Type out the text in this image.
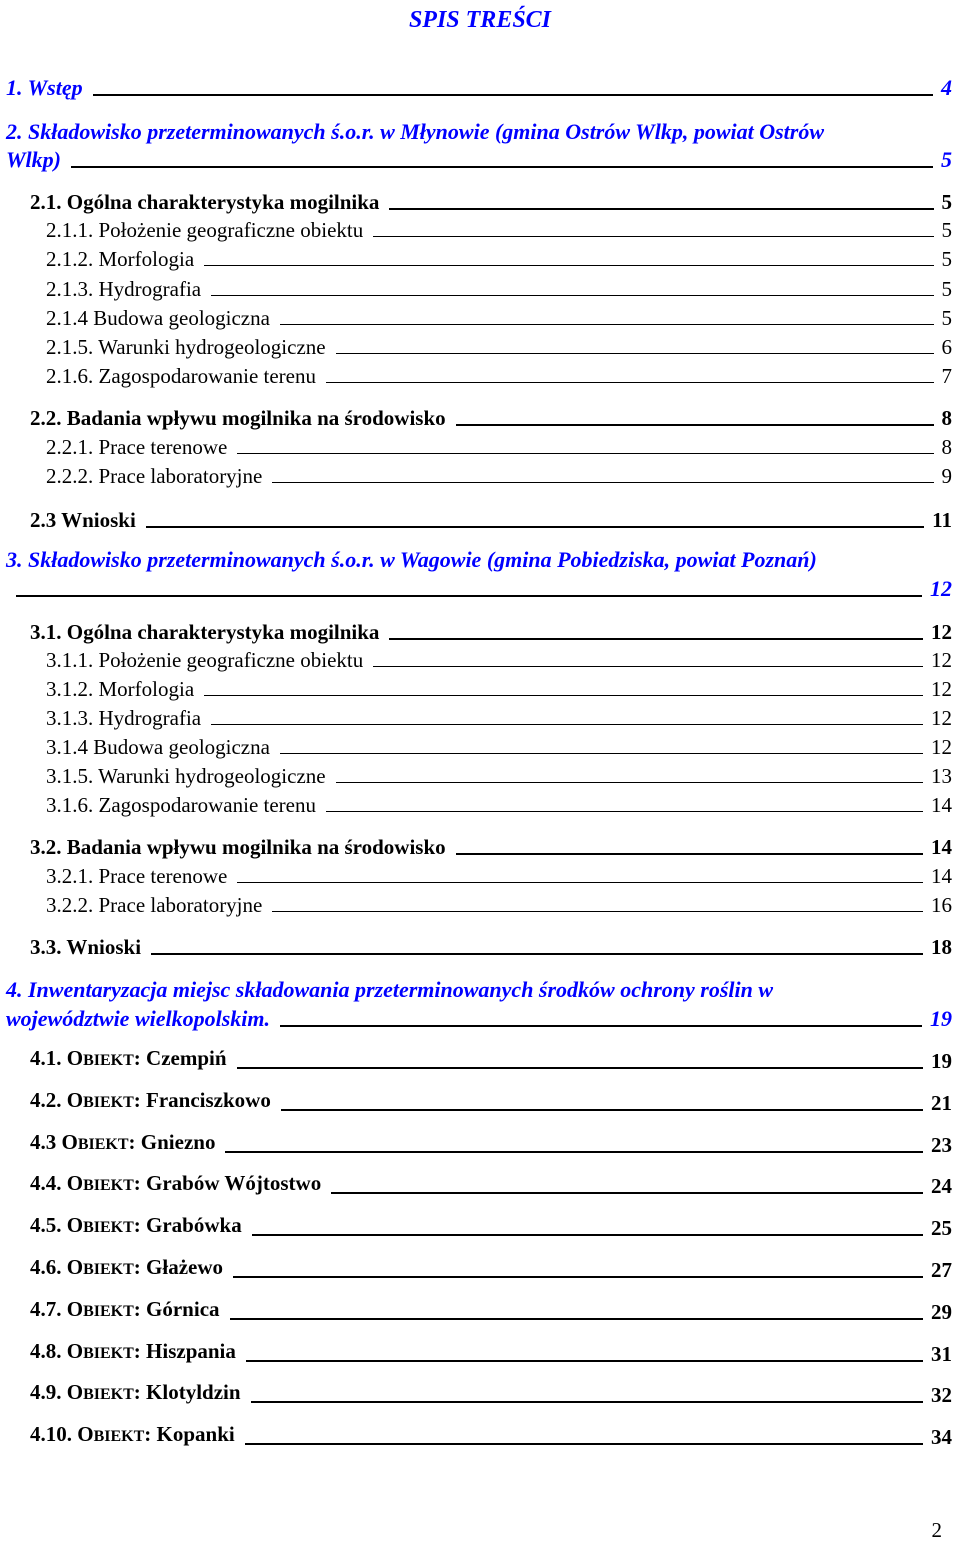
SPIS TREŚCI
1. Wstęp	4
2. Składowisko przeterminowanych ś.o.r. w Młynowie (gmina Ostrów Wlkp, powiat Ostrów
Wlkp)	5
2.1. Ogólna charakterystyka mogilnika	5
2.1.1. Położenie geograficzne obiektu	5
2.1.2. Morfologia	5
2.1.3. Hydrografia	5
2.1.4 Budowa geologiczna	5
2.1.5. Warunki hydrogeologiczne	6
2.1.6. Zagospodarowanie terenu	7
2.2. Badania wpływu mogilnika na środowisko	8
2.2.1. Prace terenowe	8
2.2.2. Prace laboratoryjne	9
2.3 Wnioski	11
3. Składowisko przeterminowanych ś.o.r. w Wagowie (gmina Pobiedziska, powiat Poznań)
12
3.1. Ogólna charakterystyka mogilnika	12
3.1.1. Położenie geograficzne obiektu	12
3.1.2. Morfologia	12
3.1.3. Hydrografia	12
3.1.4 Budowa geologiczna	12
3.1.5. Warunki hydrogeologiczne	13
3.1.6. Zagospodarowanie terenu	14
3.2. Badania wpływu mogilnika na środowisko	14
3.2.1. Prace terenowe	14
3.2.2. Prace laboratoryjne	16
3.3. Wnioski	18
4. Inwentaryzacja miejsc składowania przeterminowanych środków ochrony roślin w
województwie wielkopolskim.	19
4.1. OBIEKT: Czempiń	19
4.2. OBIEKT: Franciszkowo	21
4.3 OBIEKT: Gniezno	23
4.4. OBIEKT: Grabów Wójtostwo	24
4.5. OBIEKT: Grabówka	25
4.6. OBIEKT: Głażewo	27
4.7. OBIEKT: Górnica	29
4.8. OBIEKT: Hiszpania	31
4.9. OBIEKT: Klotyldzin	32
4.10. OBIEKT: Kopanki	34
2
